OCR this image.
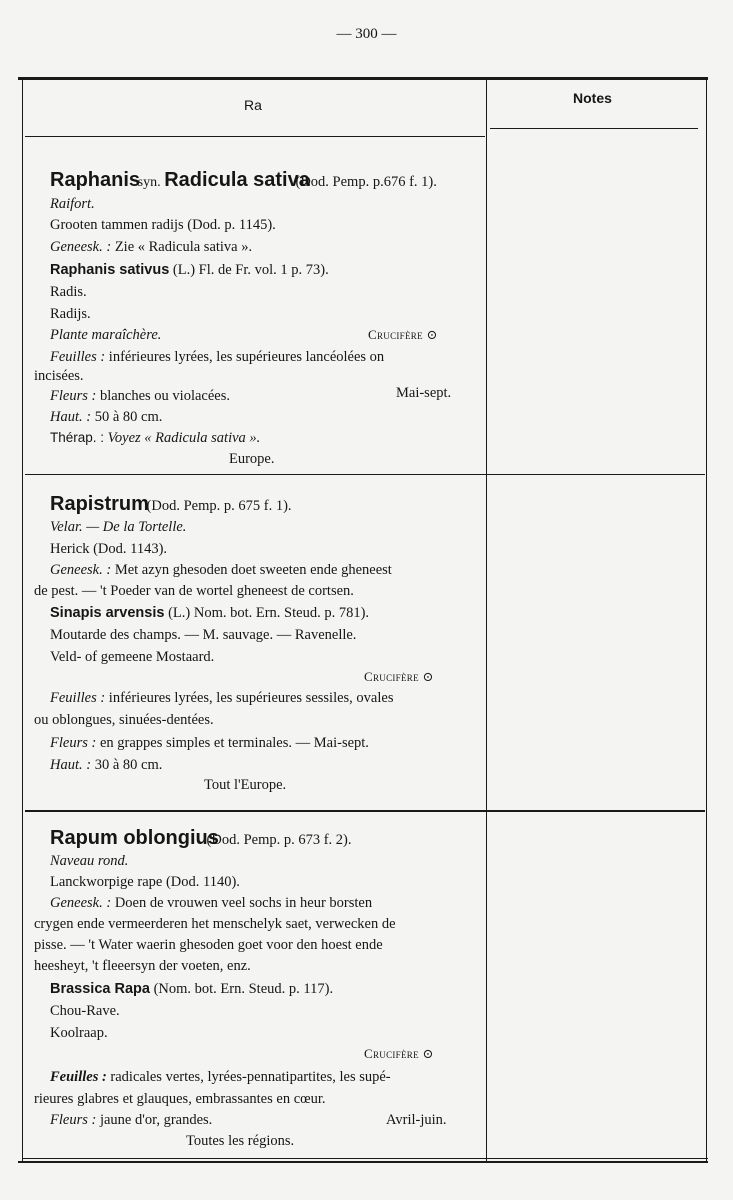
— 300 —
Ra	Notes
Raphanis syn. Radicula sativa (Dod. Pemp. p.676 f. 1).
Raifort.
Grooten tammen radijs (Dod. p. 1145).
Geneesk. : Zie « Radicula sativa ».
Raphanis sativus (L.) Fl. de Fr. vol. 1 p. 73).
Radis.
Radijs.
Plante maraîchère.	Crucifère ⊙
Feuilles : inférieures lyrées, les supérieures lancéolées on
incisées.
Fleurs : blanches ou violacées.	Mai-sept.
Haut. : 50 à 80 cm.
Thérap. : Voyez « Radicula sativa ».
Europe.
Rapistrum (Dod. Pemp. p. 675 f. 1).
Velar. — De la Tortelle.
Herick (Dod. 1143).
Geneesk. : Met azyn ghesoden doet sweeten ende gheneest
de pest. — 't Poeder van de wortel gheneest de cortsen.
Sinapis arvensis (L.) Nom. bot. Ern. Steud. p. 781).
Moutarde des champs. — M. sauvage. — Ravenelle.
Veld- of gemeene Mostaard.
Crucifère ⊙
Feuilles : inférieures lyrées, les supérieures sessiles, ovales
ou oblongues, sinuées-dentées.
Fleurs : en grappes simples et terminales. — Mai-sept.
Haut. : 30 à 80 cm.
Tout l'Europe.
Rapum oblongius (Dod. Pemp. p. 673 f. 2).
Naveau rond.
Lanckworpige rape (Dod. 1140).
Geneesk. : Doen de vrouwen veel sochs in heur borsten
crygen ende vermeerderen het menschelyk saet, verwecken de
pisse. — 't Water waerin ghesoden goet voor den hoest ende
heesheyt, 't fleeersyn der voeten, enz.
Brassica Rapa (Nom. bot. Ern. Steud. p. 117).
Chou-Rave.
Koolraap.
Crucifère ⊙
Feuilles : radicales vertes, lyrées-pennatipartites, les supé-
rieures glabres et glauques, embrassantes en cœur.
Fleurs : jaune d'or, grandes.	Avril-juin.
Toutes les régions.
